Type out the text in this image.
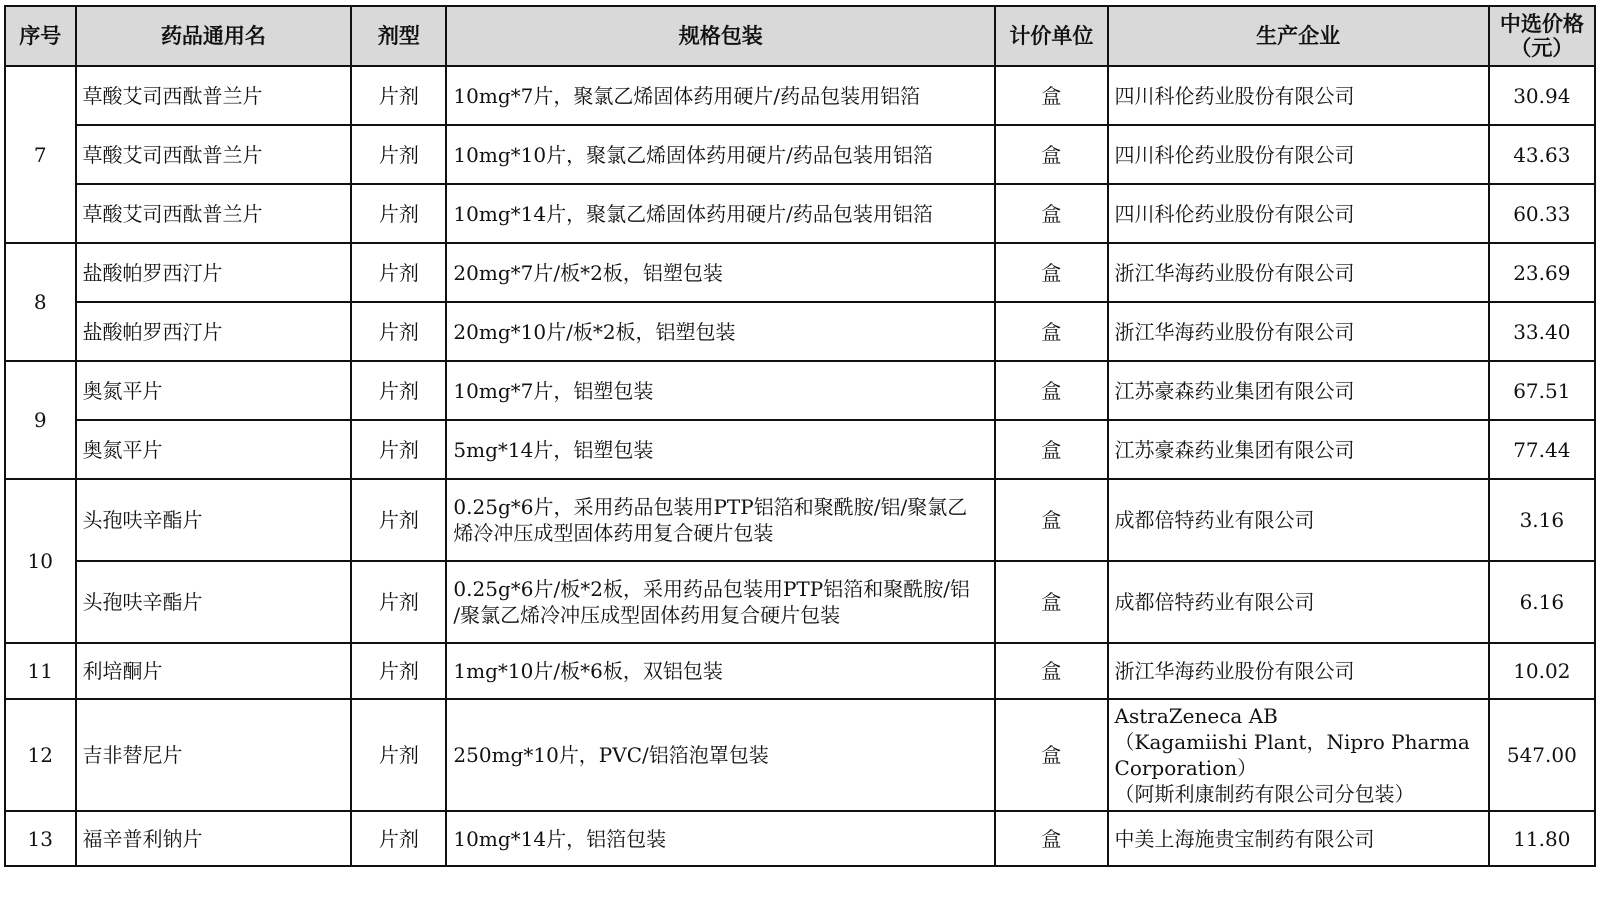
序号	药品通用名	剂型	规格包装	计价单位	生产企业	中选价格
（元）

7	草酸艾司西酞普兰片	片剂	10mg*7片，聚氯乙烯固体药用硬片/药品包装用铝箔	盒	四川科伦药业股份有限公司	30.94
	草酸艾司西酞普兰片	片剂	10mg*10片，聚氯乙烯固体药用硬片/药品包装用铝箔	盒	四川科伦药业股份有限公司	43.63
	草酸艾司西酞普兰片	片剂	10mg*14片，聚氯乙烯固体药用硬片/药品包装用铝箔	盒	四川科伦药业股份有限公司	60.33
8	盐酸帕罗西汀片	片剂	20mg*7片/板*2板，铝塑包装	盒	浙江华海药业股份有限公司	23.69
	盐酸帕罗西汀片	片剂	20mg*10片/板*2板，铝塑包装	盒	浙江华海药业股份有限公司	33.40
9	奥氮平片	片剂	10mg*7片，铝塑包装	盒	江苏豪森药业集团有限公司	67.51
	奥氮平片	片剂	5mg*14片，铝塑包装	盒	江苏豪森药业集团有限公司	77.44
10	头孢呋辛酯片	片剂	0.25g*6片，采用药品包装用PTP铝箔和聚酰胺/铝/聚氯乙
烯冷冲压成型固体药用复合硬片包装	盒	成都倍特药业有限公司	3.16
	头孢呋辛酯片	片剂	0.25g*6片/板*2板，采用药品包装用PTP铝箔和聚酰胺/铝
/聚氯乙烯冷冲压成型固体药用复合硬片包装	盒	成都倍特药业有限公司	6.16
11	利培酮片	片剂	1mg*10片/板*6板，双铝包装	盒	浙江华海药业股份有限公司	10.02
12	吉非替尼片	片剂	250mg*10片，PVC/铝箔泡罩包装	盒	AstraZeneca AB
（Kagamiishi Plant，Nipro Pharma
Corporation）
（阿斯利康制药有限公司分包装）	547.00
13	福辛普利钠片	片剂	10mg*14片，铝箔包装	盒	中美上海施贵宝制药有限公司	11.80
